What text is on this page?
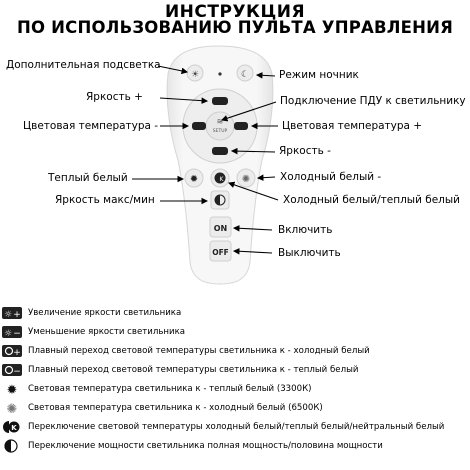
ИНСТРУКЦИЯ
ПО ИСПОЛЬЗОВАНИЮ ПУЛЬТА УПРАВЛЕНИЯ
☀	☾
≋
SETUP
✹	K ✺
ON
OFF
Дополнительная подсветка
Яркость +
Цветовая температура -
Теплый белый
Яркость макс/мин
Режим ночник
Подключение ПДУ к светильнику
Цветовая температура +
Яркость -
Холодный белый -
Холодный белый/теплый белый
Включить
Выключить
☼ + Увеличение яркости светильника
☼ − Уменьшение яркости светильника
+ Плавный переход световой температуры светильника к - холодный белый
− Плавный переход световой температуры светильника к - теплый белый
✹ Световая температура светильника к - теплый белый (3300К)
✺ Световая температура светильника к - холодный белый (6500К)
K Переключение световой температуры холодный белый/теплый белый/нейтральный белый
Переключение мощности светильника полная мощность/половина мощности
